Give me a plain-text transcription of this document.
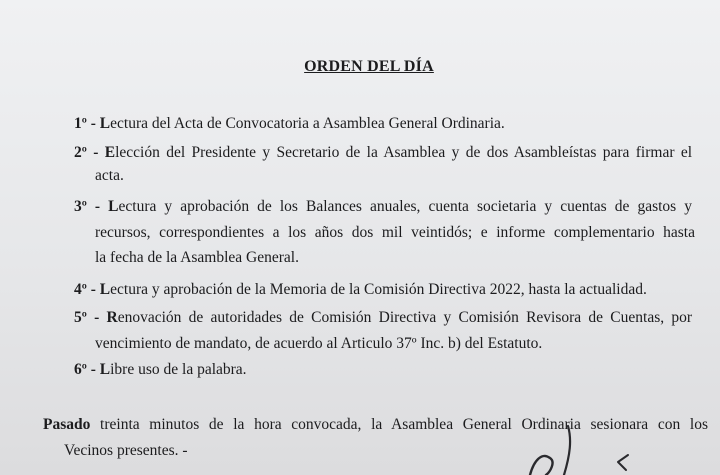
ORDEN DEL DÍA
1º - Lectura del Acta de Convocatoria a Asamblea General Ordinaria.
2º - Elección del Presidente y Secretario de la Asamblea y de dos Asambleístas para firmar el
acta.
3º - Lectura y aprobación de los Balances anuales, cuenta societaria y cuentas de gastos y
recursos, correspondientes a los años dos mil veintidós; e informe complementario hasta
la fecha de la Asamblea General.
4º - Lectura y aprobación de la Memoria de la Comisión Directiva 2022, hasta la actualidad.
5º - Renovación de autoridades de Comisión Directiva y Comisión Revisora de Cuentas, por
vencimiento de mandato, de acuerdo al Articulo 37º Inc. b) del Estatuto.
6º - Libre uso de la palabra.
Pasado treinta minutos de la hora convocada, la Asamblea General Ordinaria sesionara con los
Vecinos presentes. -
